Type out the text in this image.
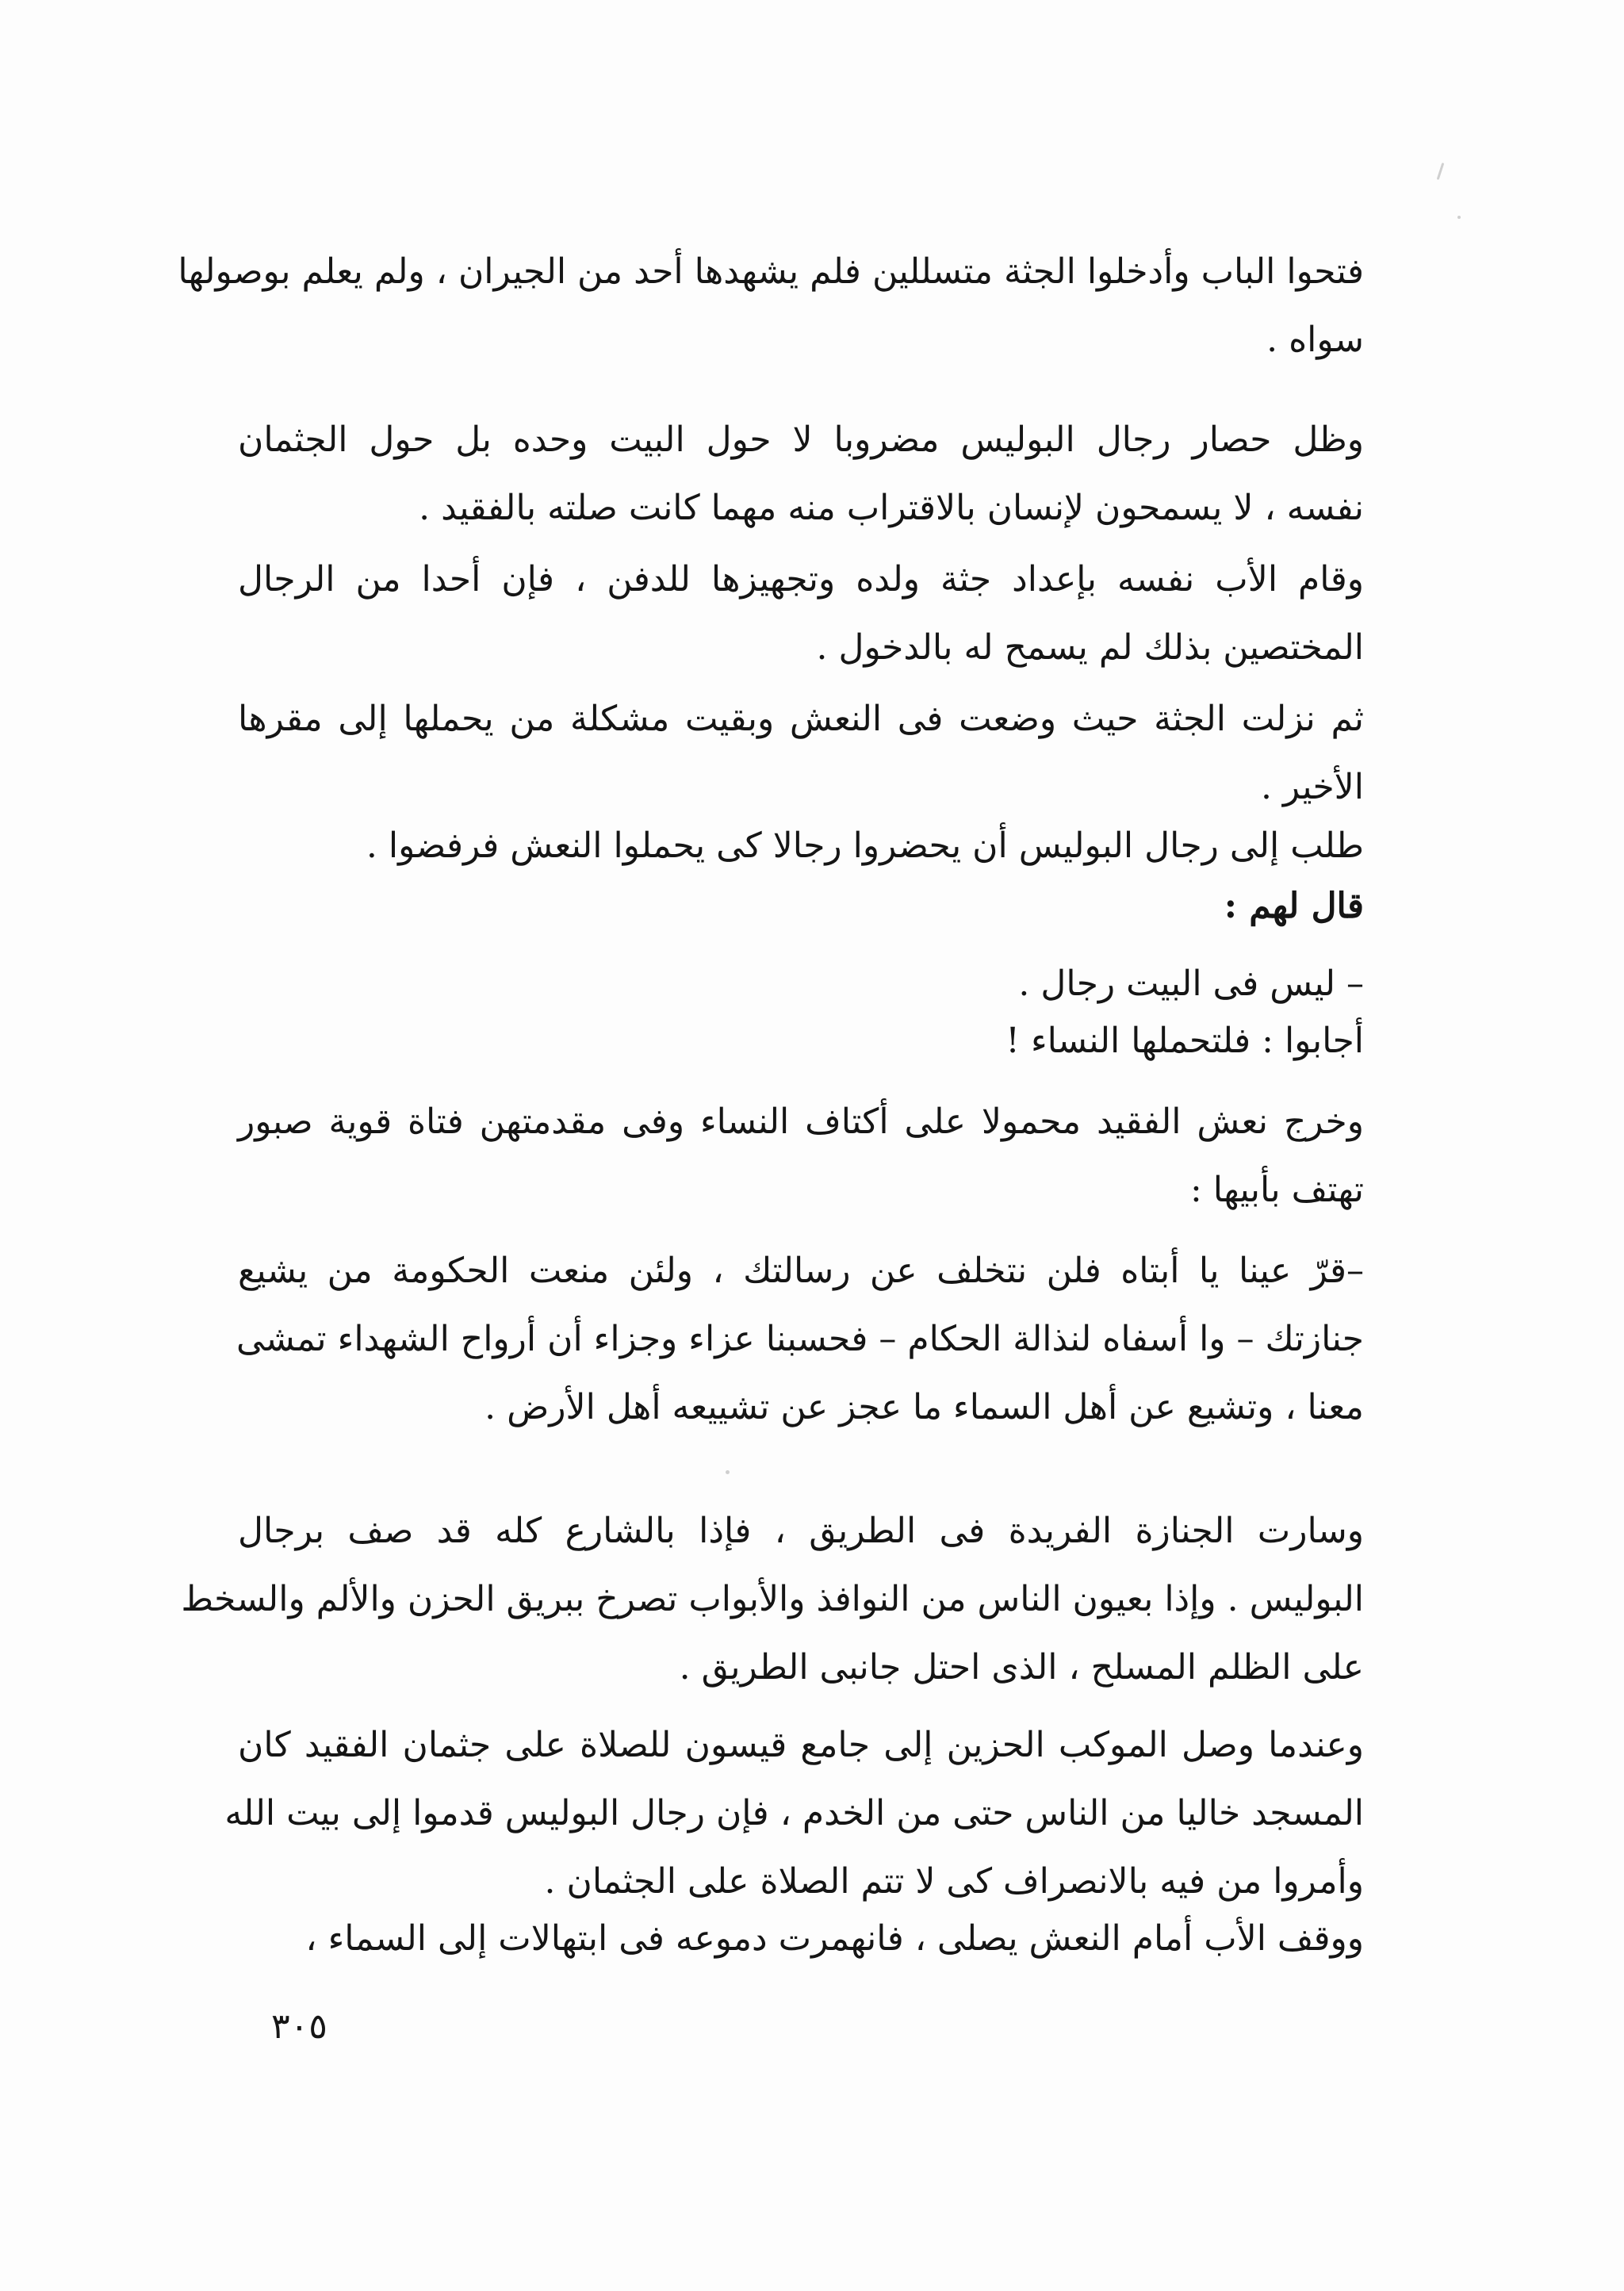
فتحوا الباب وأدخلوا الجثة متسللين فلم يشهدها أحد من الجيران ، ولم يعلم بوصولها
سواه .
وظل حصار رجال البوليس مضروبا لا حول البيت وحده بل حول الجثمان
نفسه ، لا يسمحون لإنسان بالاقتراب منه مهما كانت صلته بالفقيد .
وقام الأب نفسه بإعداد جثة ولده وتجهيزها للدفن ، فإن أحدا من الرجال
المختصين بذلك لم يسمح له بالدخول .
ثم نزلت الجثة حيث وضعت فى النعش وبقيت مشكلة من يحملها إلى مقرها
الأخير .
طلب إلى رجال البوليس أن يحضروا رجالا كى يحملوا النعش فرفضوا .
قال لهم :
– ليس فى البيت رجال .
أجابوا : فلتحملها النساء !
وخرج نعش الفقيد محمولا على أكتاف النساء وفى مقدمتهن فتاة قوية صبور
تهتف بأبيها :
–قرّ عينا يا أبتاه فلن نتخلف عن رسالتك ، ولئن منعت الحكومة من يشيع
جنازتك – وا أسفاه لنذالة الحكام – فحسبنا عزاء وجزاء أن أرواح الشهداء تمشى
معنا ، وتشيع عن أهل السماء ما عجز عن تشييعه أهل الأرض .
وسارت الجنازة الفريدة فى الطريق ، فإذا بالشارع كله قد صف برجال
البوليس . وإذا بعيون الناس من النوافذ والأبواب تصرخ ببريق الحزن والألم والسخط
على الظلم المسلح ، الذى احتل جانبى الطريق .
وعندما وصل الموكب الحزين إلى جامع قيسون للصلاة على جثمان الفقيد كان
المسجد خاليا من الناس حتى من الخدم ، فإن رجال البوليس قدموا إلى بيت الله
وأمروا من فيه بالانصراف كى لا تتم الصلاة على الجثمان .
ووقف الأب أمام النعش يصلى ، فانهمرت دموعه فى ابتهالات إلى السماء ،
٣٠٥
